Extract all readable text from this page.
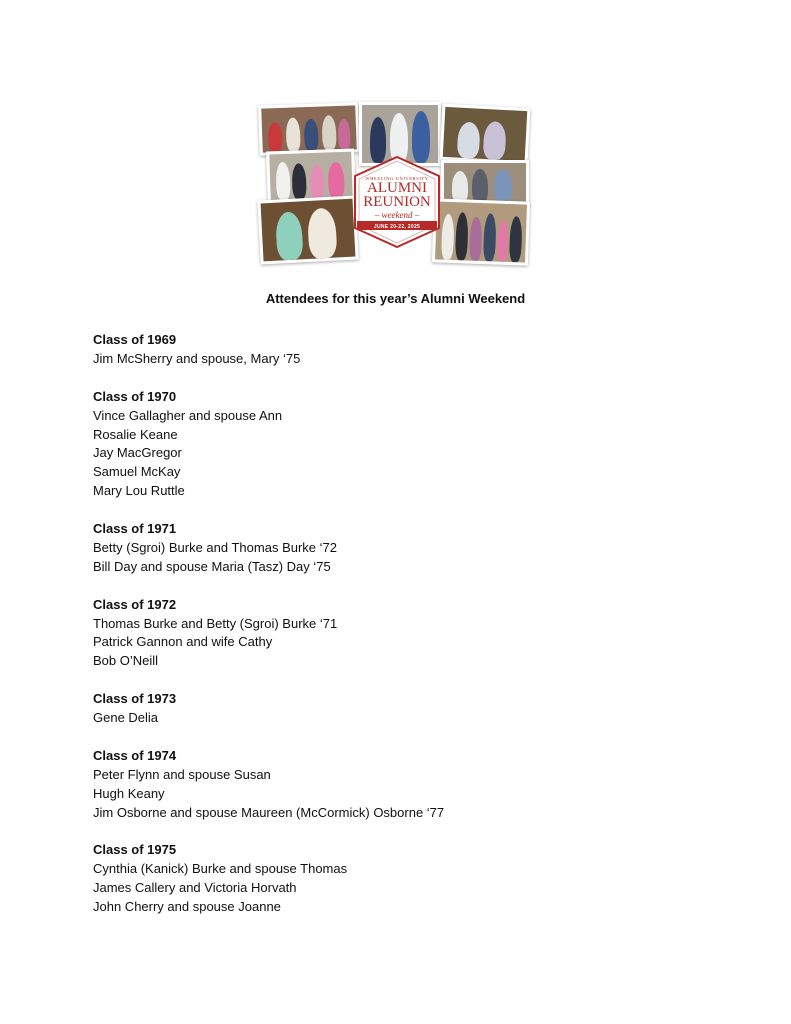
WHEELING UNIVERSITY
ALUMNI
REUNION
– weekend –
JUNE 20-22, 2025
Attendees for this year’s Alumni Weekend
Class of 1969
Jim McSherry and spouse, Mary ‘75
Class of 1970
Vince Gallagher and spouse Ann
Rosalie Keane
Jay MacGregor
Samuel McKay
Mary Lou Ruttle
Class of 1971
Betty (Sgroi) Burke and Thomas Burke ‘72
Bill Day and spouse Maria (Tasz) Day ‘75
Class of 1972
Thomas Burke and Betty (Sgroi) Burke ‘71
Patrick Gannon and wife Cathy
Bob O’Neill
Class of 1973
Gene Delia
Class of 1974
Peter Flynn and spouse Susan
Hugh Keany
Jim Osborne and spouse Maureen (McCormick) Osborne ‘77
Class of 1975
Cynthia (Kanick) Burke and spouse Thomas
James Callery and Victoria Horvath
John Cherry and spouse Joanne
